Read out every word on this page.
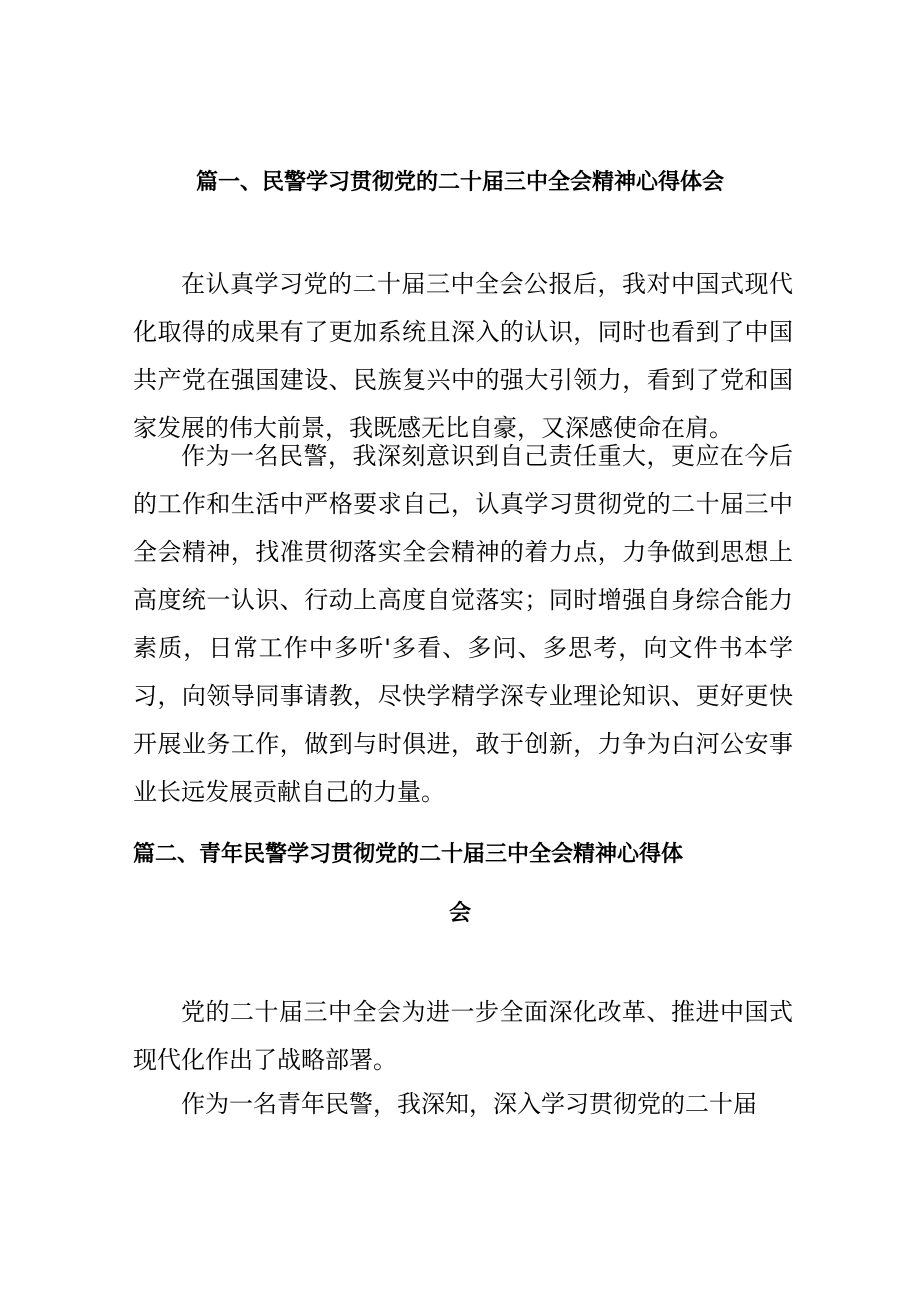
篇一、民警学习贯彻党的二十届三中全会精神心得体会

在认真学习党的二十届三中全会公报后，我对中国式现代化取得的成果有了更加系统且深入的认识，同时也看到了中国共产党在强国建设、民族复兴中的强大引领力，看到了党和国家发展的伟大前景，我既感无比自豪，又深感使命在肩。

作为一名民警，我深刻意识到自己责任重大，更应在今后的工作和生活中严格要求自己，认真学习贯彻党的二十届三中全会精神，找准贯彻落实全会精神的着力点，力争做到思想上高度统一认识、行动上高度自觉落实；同时增强自身综合能力素质，日常工作中多听'多看、多问、多思考，向文件书本学习，向领导同事请教，尽快学精学深专业理论知识、更好更快开展业务工作，做到与时俱进，敢于创新，力争为白河公安事业长远发展贡献自己的力量。

篇二、青年民警学习贯彻党的二十届三中全会精神心得体
会

党的二十届三中全会为进一步全面深化改革、推进中国式现代化作出了战略部署。

作为一名青年民警，我深知，深入学习贯彻党的二十届
